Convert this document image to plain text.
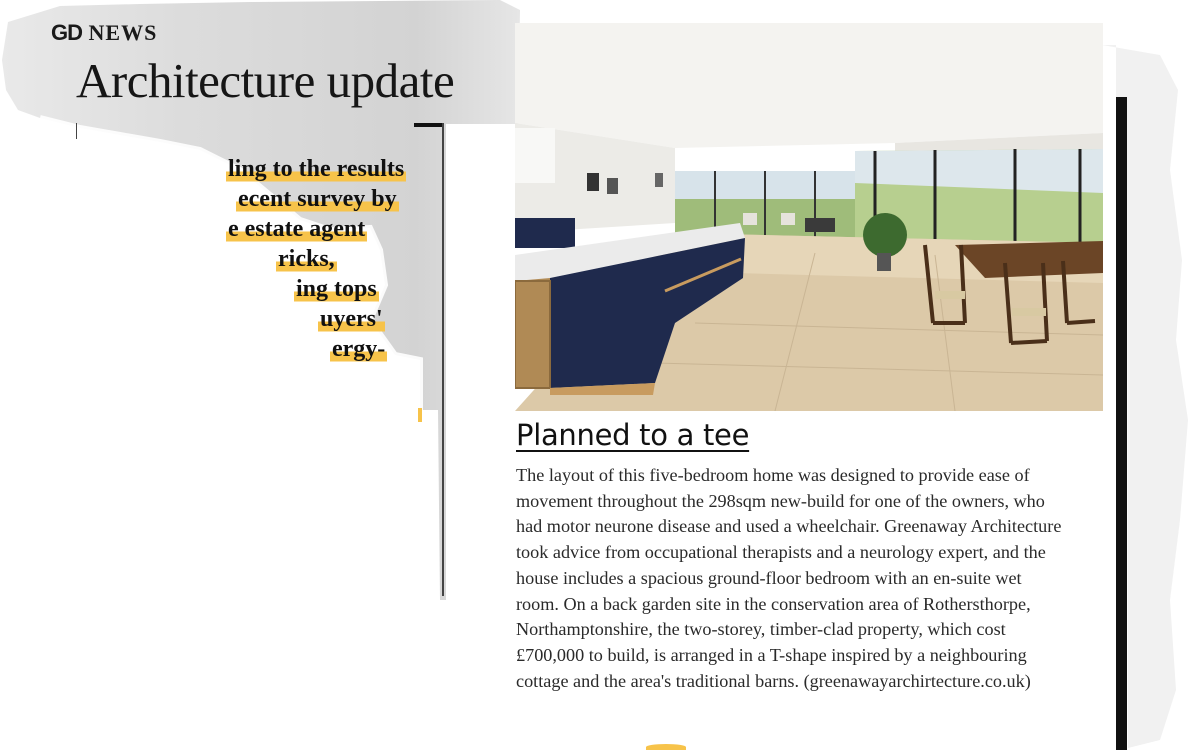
GD NEWS
Architecture update
ling to the results
ecent survey by
e estate agent
ricks,
ing tops
uyers'
ergy-
Planned to a tee
The layout of this five-bedroom home was designed to provide ease of
movement throughout the 298sqm new-build for one of the owners, who
had motor neurone disease and used a wheelchair. Greenaway Architecture
took advice from occupational therapists and a neurology expert, and the
house includes a spacious ground-floor bedroom with an en-suite wet
room. On a back garden site in the conservation area of Rothersthorpe,
Northamptonshire, the two-storey, timber-clad property, which cost
£700,000 to build, is arranged in a T-shape inspired by a neighbouring
cottage and the area's traditional barns. (greenawayarchirtecture.co.uk)
